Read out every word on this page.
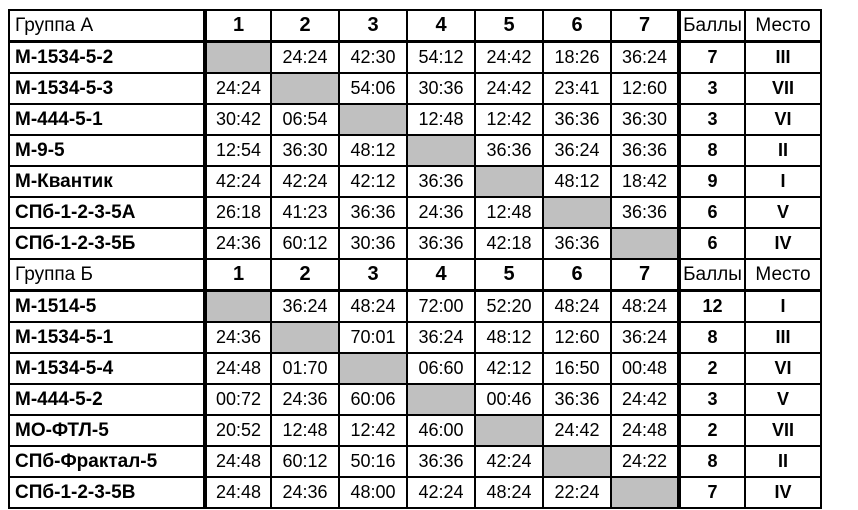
Группа А	1	2	3	4	5	6	7	Баллы	Место
М-1534-5-2		24:24	42:30	54:12	24:42	18:26	36:24	7	III
М-1534-5-3	24:24		54:06	30:36	24:42	23:41	12:60	3	VII
М-444-5-1	30:42	06:54		12:48	12:42	36:36	36:30	3	VI
М-9-5	12:54	36:30	48:12		36:36	36:24	36:36	8	II
М-Квантик	42:24	42:24	42:12	36:36		48:12	18:42	9	I
СПб-1-2-3-5А	26:18	41:23	36:36	24:36	12:48		36:36	6	V
СПб-1-2-3-5Б	24:36	60:12	30:36	36:36	42:18	36:36		6	IV
Группа Б	1	2	3	4	5	6	7	Баллы	Место
М-1514-5		36:24	48:24	72:00	52:20	48:24	48:24	12	I
М-1534-5-1	24:36		70:01	36:24	48:12	12:60	36:24	8	III
М-1534-5-4	24:48	01:70		06:60	42:12	16:50	00:48	2	VI
М-444-5-2	00:72	24:36	60:06		00:46	36:36	24:42	3	V
МО-ФТЛ-5	20:52	12:48	12:42	46:00		24:42	24:48	2	VII
СПб-Фрактал-5	24:48	60:12	50:16	36:36	42:24		24:22	8	II
СПб-1-2-3-5В	24:48	24:36	48:00	42:24	48:24	22:24		7	IV
